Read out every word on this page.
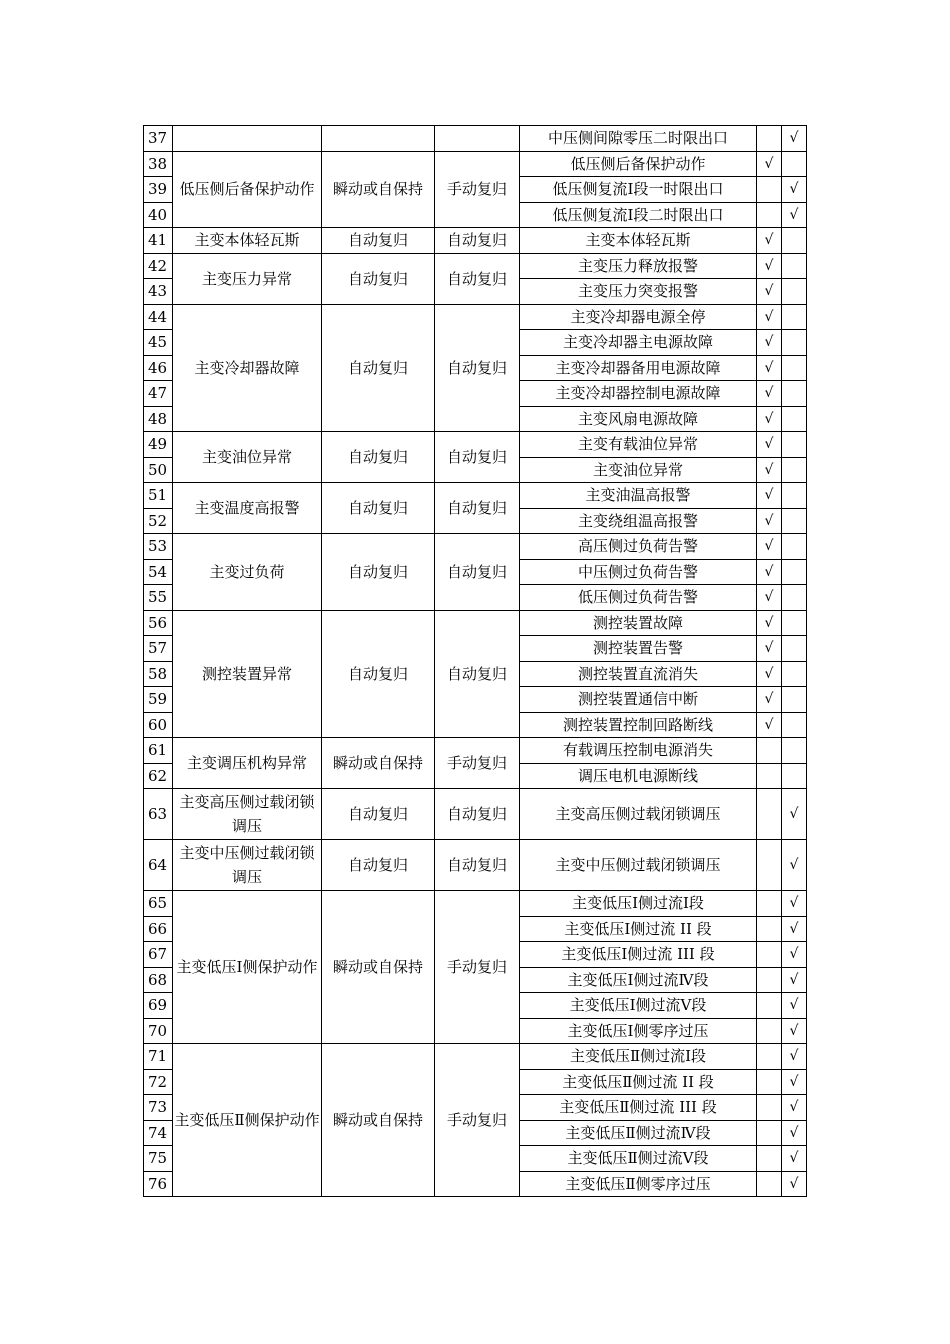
37				中压侧间隙零压二时限出口		√
38	低压侧后备保护动作	瞬动或自保持	手动复归	低压侧后备保护动作	√	
39				低压侧复流Ⅰ段一时限出口		√
40				低压侧复流Ⅰ段二时限出口		√
41	主变本体轻瓦斯	自动复归	自动复归	主变本体轻瓦斯	√	
42	主变压力异常	自动复归	自动复归	主变压力释放报警	√	
43				主变压力突变报警	√	
44	主变冷却器故障	自动复归	自动复归	主变冷却器电源全停	√	
45				主变冷却器主电源故障	√	
46				主变冷却器备用电源故障	√	
47				主变冷却器控制电源故障	√	
48				主变风扇电源故障	√	
49	主变油位异常	自动复归	自动复归	主变有载油位异常	√	
50				主变油位异常	√	
51	主变温度高报警	自动复归	自动复归	主变油温高报警	√	
52				主变绕组温高报警	√	
53	主变过负荷	自动复归	自动复归	高压侧过负荷告警	√	
54				中压侧过负荷告警	√	
55				低压侧过负荷告警	√	
56	测控装置异常	自动复归	自动复归	测控装置故障	√	
57				测控装置告警	√	
58				测控装置直流消失	√	
59				测控装置通信中断	√	
60				测控装置控制回路断线	√	
61	主变调压机构异常	瞬动或自保持	手动复归	有载调压控制电源消失		
62				调压电机电源断线		
63	主变高压侧过载闭锁调压	自动复归	自动复归	主变高压侧过载闭锁调压		√
64	主变中压侧过载闭锁调压	自动复归	自动复归	主变中压侧过载闭锁调压		√
65	主变低压Ⅰ侧保护动作	瞬动或自保持	手动复归	主变低压Ⅰ侧过流Ⅰ段		√
66				主变低压Ⅰ侧过流 II 段		√
67				主变低压Ⅰ侧过流 III 段		√
68				主变低压Ⅰ侧过流Ⅳ段		√
69				主变低压Ⅰ侧过流Ⅴ段		√
70				主变低压Ⅰ侧零序过压		√
71	主变低压Ⅱ侧保护动作	瞬动或自保持	手动复归	主变低压Ⅱ侧过流Ⅰ段		√
72				主变低压Ⅱ侧过流 II 段		√
73				主变低压Ⅱ侧过流 III 段		√
74				主变低压Ⅱ侧过流Ⅳ段		√
75				主变低压Ⅱ侧过流Ⅴ段		√
76				主变低压Ⅱ侧零序过压		√
